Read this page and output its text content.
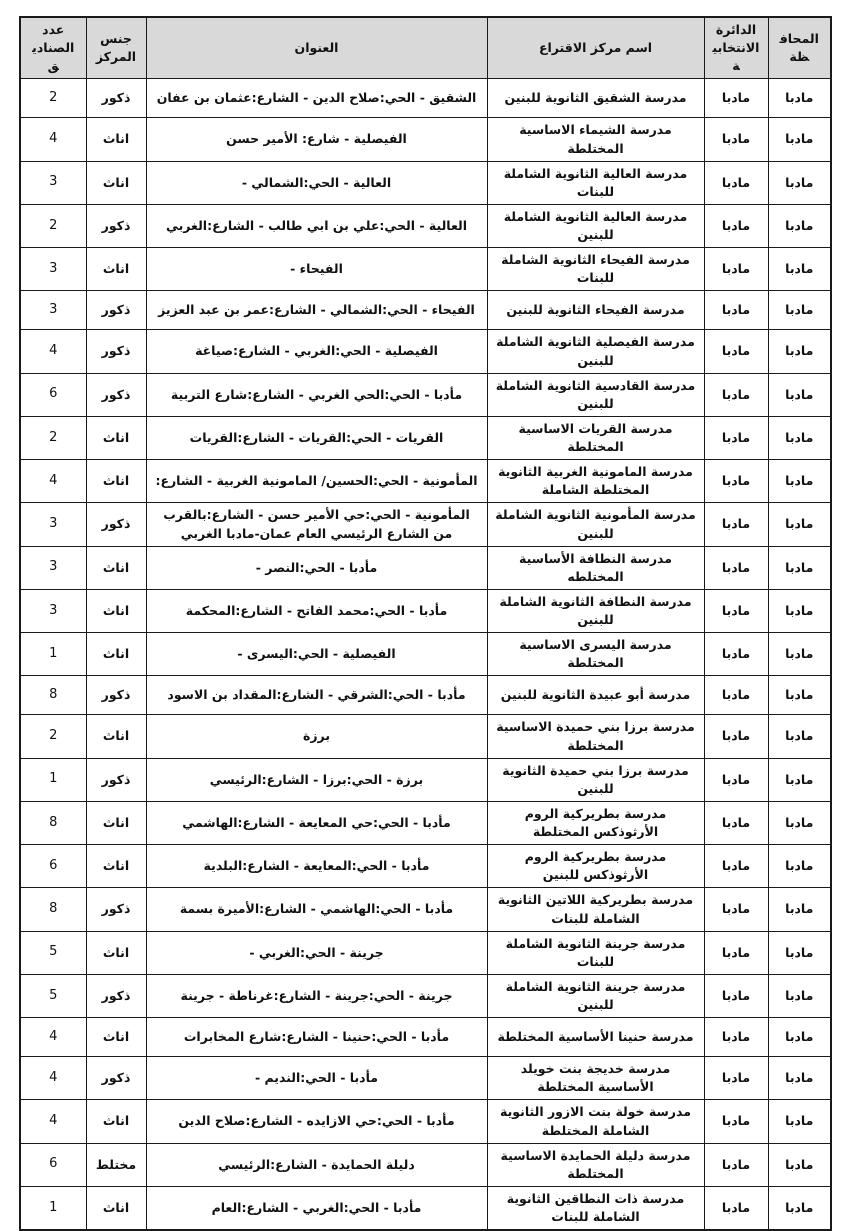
المحافظة	الدائرة الانتخابية	اسم مركز الاقتراع	العنوان	جنس المركز	عدد الصناديق
مادبا	مادبا	مدرسة الشقيق الثانوية للبنين	الشقيق - الحي:صلاح الدين - الشارع:عثمان بن عفان	ذكور	2
مادبا	مادبا	مدرسة الشيماء الاساسية المختلطة	الفيصلية - شارع: الأمير حسن	اناث	4
مادبا	مادبا	مدرسة العالية الثانوية الشاملة للبنات	العالية - الحي:الشمالي -	اناث	3
مادبا	مادبا	مدرسة العالية الثانوية الشاملة للبنين	العالية - الحي:علي بن ابي طالب - الشارع:الغربي	ذكور	2
مادبا	مادبا	مدرسة الفيحاء الثانوية الشاملة للبنات	الفيحاء -	اناث	3
مادبا	مادبا	مدرسة الفيحاء الثانوية للبنين	الفيحاء - الحي:الشمالي - الشارع:عمر بن عبد العزيز	ذكور	3
مادبا	مادبا	مدرسة الفيصلية الثانوية الشاملة للبنين	الفيصلية - الحي:الغربي - الشارع:صياغة	ذكور	4
مادبا	مادبا	مدرسة القادسية الثانوية الشاملة للبنين	مأدبا - الحي:الحي الغربي - الشارع:شارع التربية	ذكور	6
مادبا	مادبا	مدرسة القريات الاساسية المختلطة	القريات - الحي:القريات - الشارع:القريات	اناث	2
مادبا	مادبا	مدرسة المامونية الغربية الثانوية المختلطة الشاملة	المأمونية - الحي:الحسين/ المامونية الغربية - الشارع:	اناث	4
مادبا	مادبا	مدرسة المأمونية الثانوية الشاملة للبنين	المأمونية - الحي:حي الأمير حسن - الشارع:بالقرب من الشارع الرئيسي العام عمان-مادبا الغربي	ذكور	3
مادبا	مادبا	مدرسة النطافة الأساسية المختلطه	مأدبا - الحي:النصر -	اناث	3
مادبا	مادبا	مدرسة النطافة الثانوية الشاملة للبنين	مأدبا - الحي:محمد الفاتح - الشارع:المحكمة	اناث	3
مادبا	مادبا	مدرسة اليسرى الاساسية المختلطة	الفيصلية - الحي:اليسرى -	اناث	1
مادبا	مادبا	مدرسة أبو عبيدة الثانوية للبنين	مأدبا - الحي:الشرقي - الشارع:المقداد بن الاسود	ذكور	8
مادبا	مادبا	مدرسة برزا بني حميدة الاساسية المختلطة	برزة	اناث	2
مادبا	مادبا	مدرسة برزا بني حميدة الثانوية للبنين	برزة - الحي:برزا - الشارع:الرئيسي	ذكور	1
مادبا	مادبا	مدرسة بطريركية الروم الأرثوذكس المختلطة	مأدبا - الحي:حي المعايعة - الشارع:الهاشمي	اناث	8
مادبا	مادبا	مدرسة بطريركية الروم الأرثوذكس للبنين	مأدبا - الحي:المعايعة - الشارع:البلدية	اناث	6
مادبا	مادبا	مدرسة بطريركية اللاتين الثانوية الشاملة للبنات	مأدبا - الحي:الهاشمي - الشارع:الأميرة بسمة	ذكور	8
مادبا	مادبا	مدرسة جرينة الثانوية الشاملة للبنات	جرينة - الحي:الغربي -	اناث	5
مادبا	مادبا	مدرسة جرينة الثانوية الشاملة للبنين	جرينة - الحي:جرينة - الشارع:غرناطة - جرينة	ذكور	5
مادبا	مادبا	مدرسة حنينا الأساسية المختلطة	مأدبا - الحي:حنينا - الشارع:شارع المخابرات	اناث	4
مادبا	مادبا	مدرسة خديجة بنت خويلد الأساسية المختلطة	مأدبا - الحي:النديم -	ذكور	4
مادبا	مادبا	مدرسة خولة بنت الازور الثانوية الشاملة المختلطة	مأدبا - الحي:حي الازايده - الشارع:صلاح الدين	اناث	4
مادبا	مادبا	مدرسة دليلة الحمايدة الاساسية المختلطة	دليلة الحمايدة - الشارع:الرئيسي	مختلط	6
مادبا	مادبا	مدرسة ذات النطاقين الثانوية الشاملة للبنات	مأدبا - الحي:الغربي - الشارع:العام	اناث	1
